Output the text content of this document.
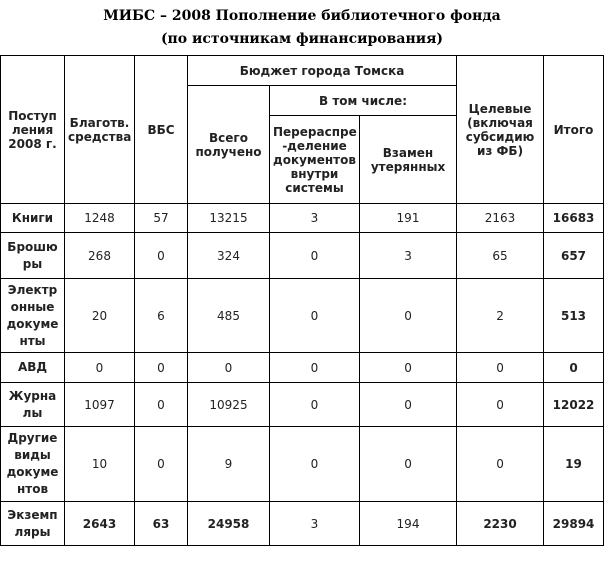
МИБС – 2008 Пополнение библиотечного фонда
(по источникам финансирования)
Поступ ления 2008 г.	Благотв. средства	ВБС	Бюджет города Томска			Целевые (включая субсидию из ФБ)	Итого
			Всего получено	В том числе:			
				Перераспре -деление документов внутри системы	Взамен утерянных		
Книги	1248	57	13215	3	191	2163	16683
Брошю ры	268	0	324	0	3	65	657
Электр онные докуме нты	20	6	485	0	0	2	513
АВД	0	0	0	0	0	0	0
Журна лы	1097	0	10925	0	0	0	12022
Другие виды докуме нтов	10	0	9	0	0	0	19
Экземп ляры	2643	63	24958	3	194	2230	29894
